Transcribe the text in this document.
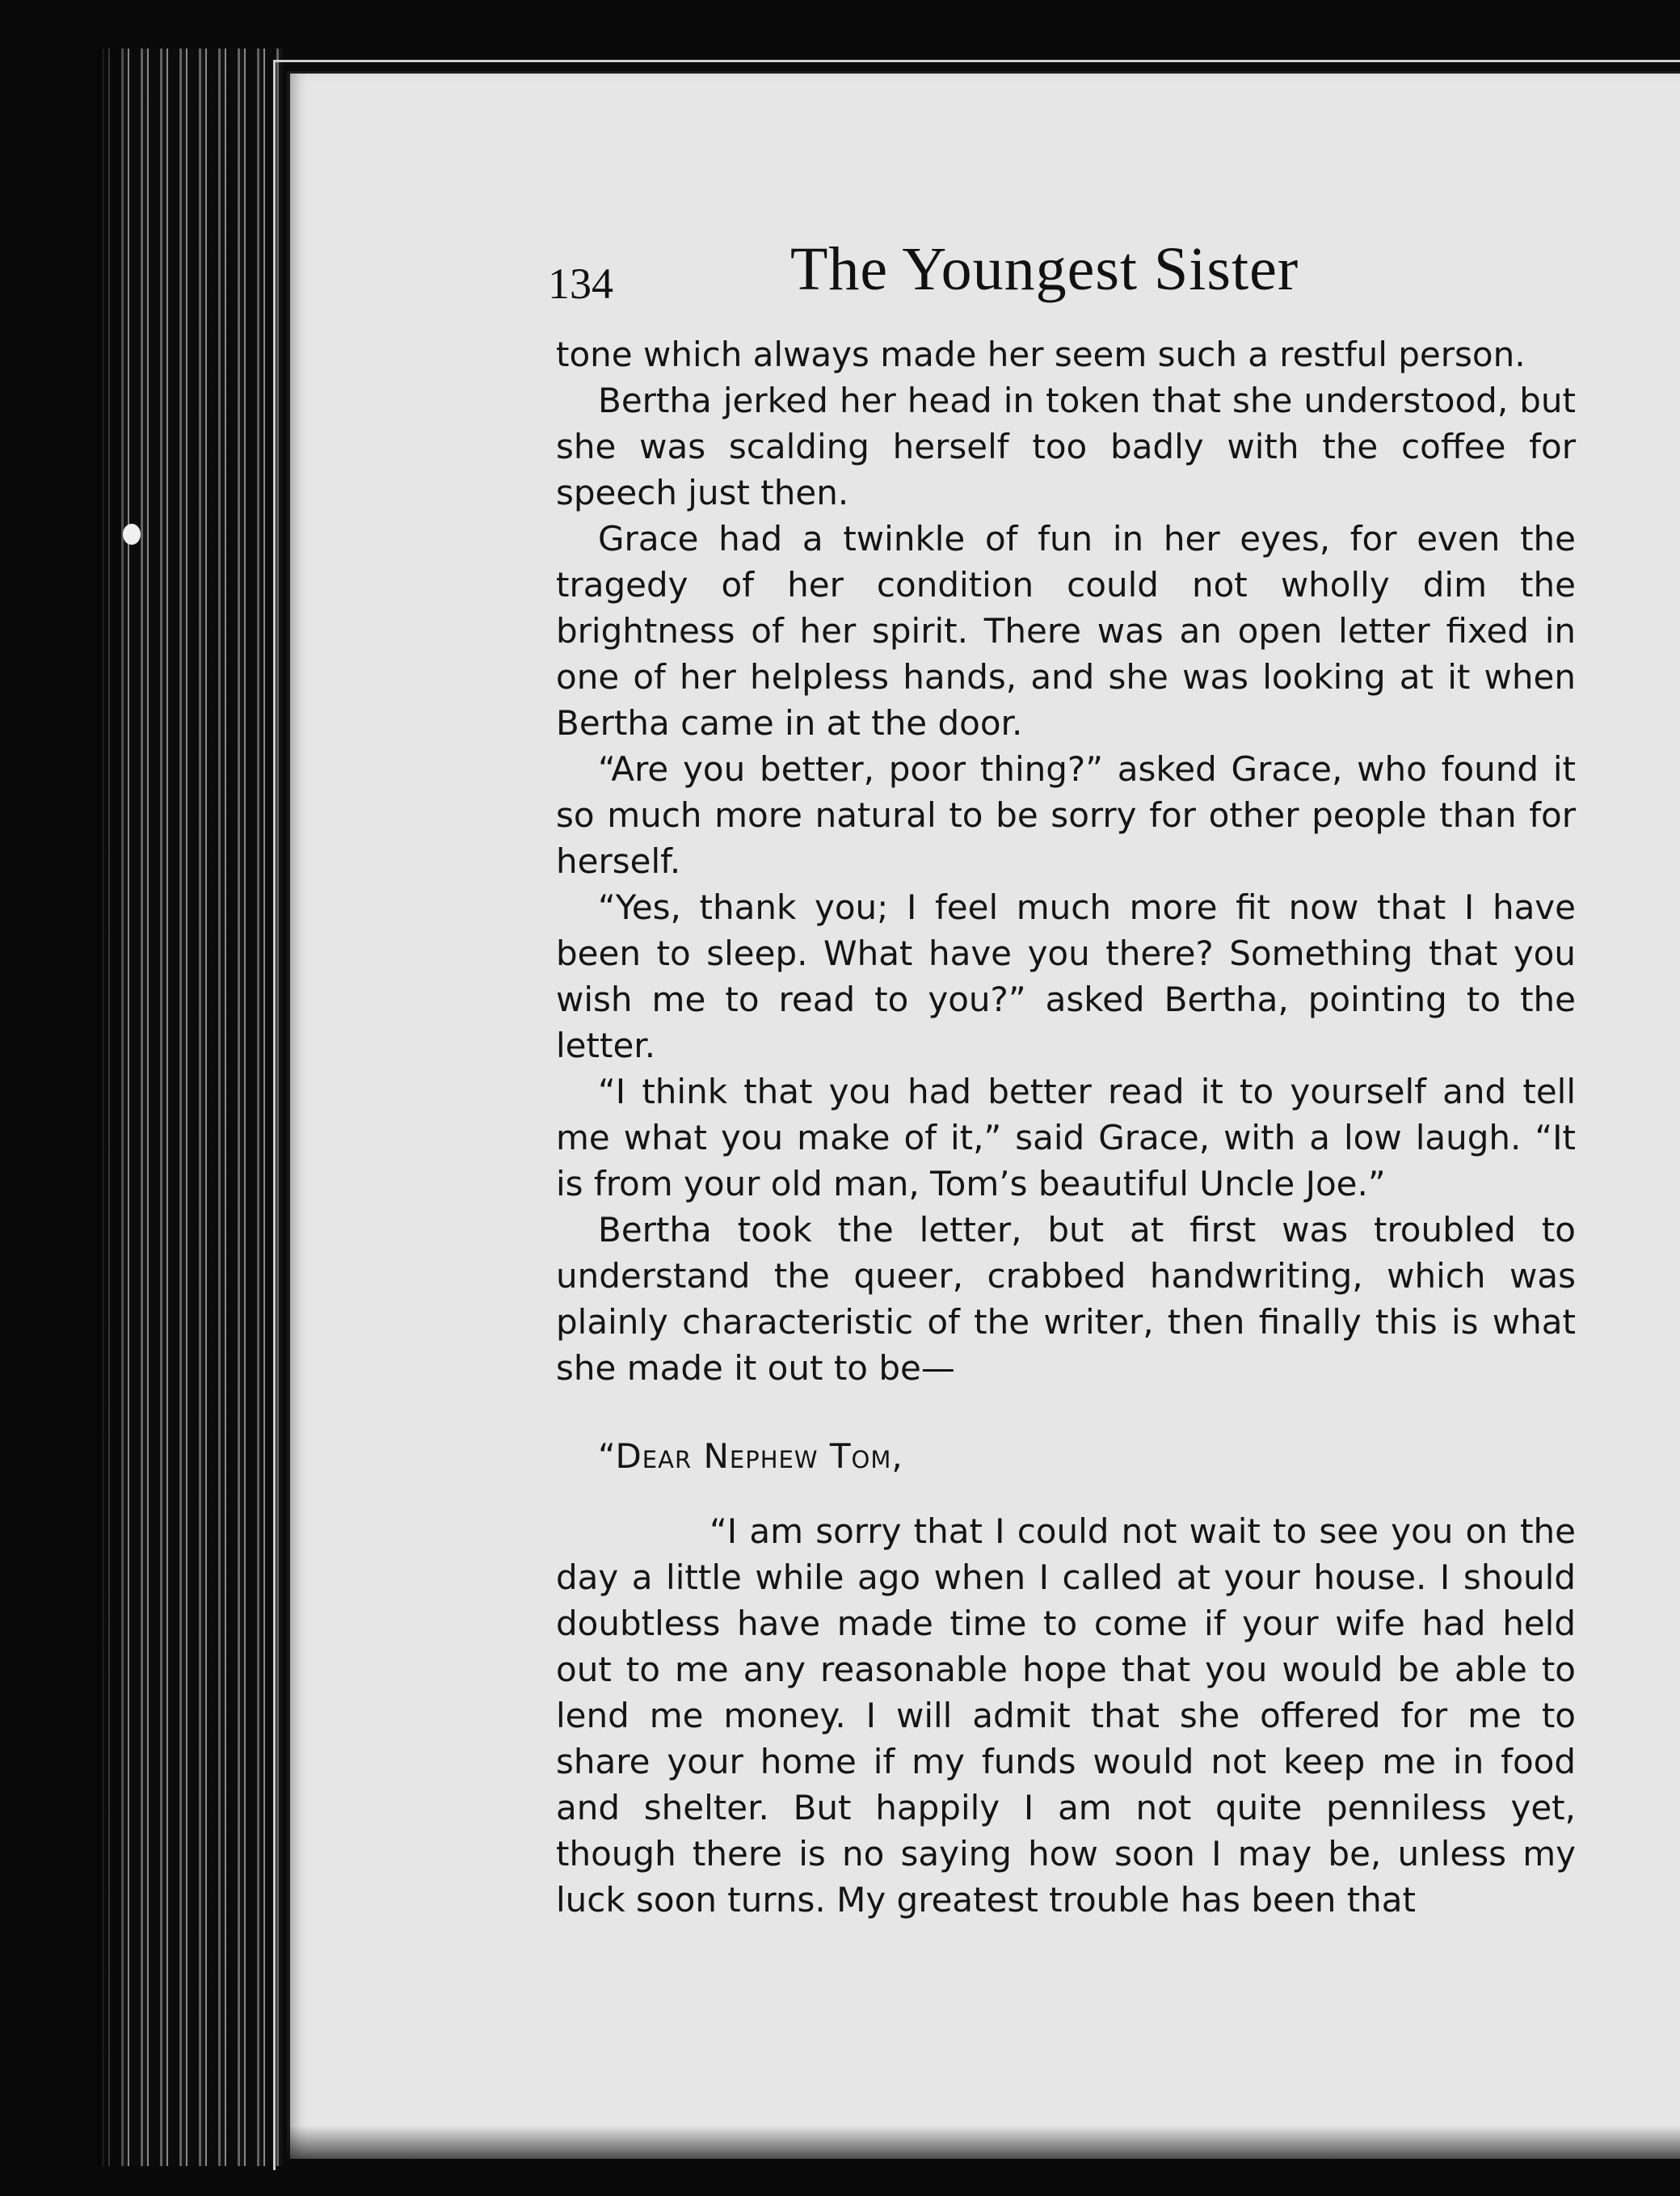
134	The Youngest Sister

tone which always made her seem such a restful person.

Bertha jerked her head in token that she understood, but she was scalding herself too badly with the coffee for speech just then.

Grace had a twinkle of fun in her eyes, for even the tragedy of her condition could not wholly dim the brightness of her spirit. There was an open letter fixed in one of her helpless hands, and she was looking at it when Bertha came in at the door.

“Are you better, poor thing?” asked Grace, who found it so much more natural to be sorry for other people than for herself.

“Yes, thank you; I feel much more fit now that I have been to sleep. What have you there? Something that you wish me to read to you?” asked Bertha, pointing to the letter.

“I think that you had better read it to yourself and tell me what you make of it,” said Grace, with a low laugh. “It is from your old man, Tom’s beautiful Uncle Joe.”

Bertha took the letter, but at first was troubled to understand the queer, crabbed handwriting, which was plainly characteristic of the writer, then finally this is what she made it out to be—

“Dear Nephew Tom,

“I am sorry that I could not wait to see you on the day a little while ago when I called at your house. I should doubtless have made time to come if your wife had held out to me any reasonable hope that you would be able to lend me money. I will admit that she offered for me to share your home if my funds would not keep me in food and shelter. But happily I am not quite penniless yet, though there is no saying how soon I may be, unless my luck soon turns. My greatest trouble has been that
